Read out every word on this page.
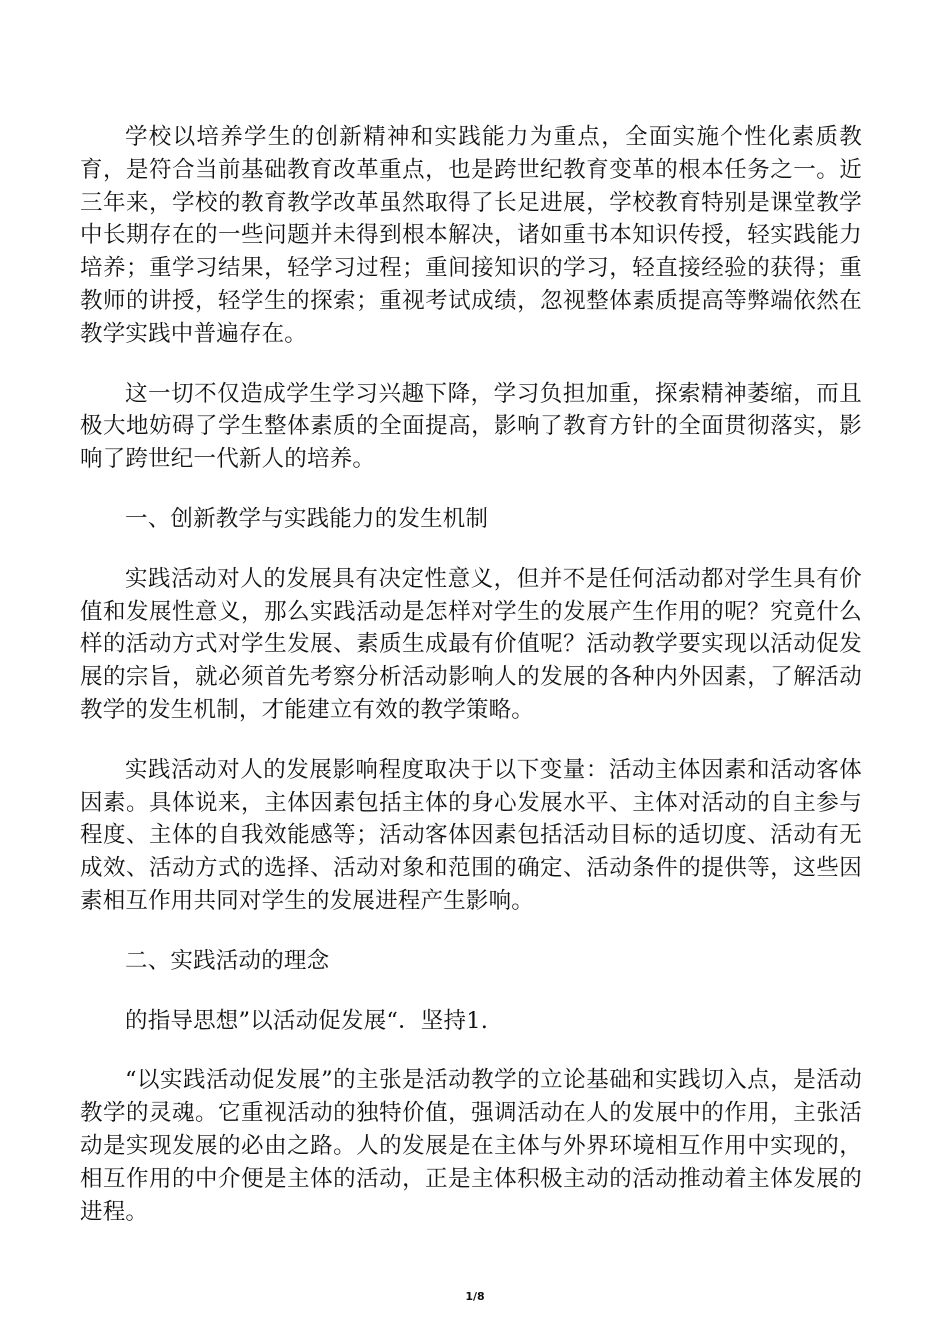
学校以培养学生的创新精神和实践能力为重点，全面实施个性化素质教育，是符合当前基础教育改革重点，也是跨世纪教育变革的根本任务之一。近三年来，学校的教育教学改革虽然取得了长足进展，学校教育特别是课堂教学中长期存在的一些问题并未得到根本解决，诸如重书本知识传授，轻实践能力培养；重学习结果，轻学习过程；重间接知识的学习，轻直接经验的获得；重教师的讲授，轻学生的探索；重视考试成绩，忽视整体素质提高等弊端依然在教学实践中普遍存在。

这一切不仅造成学生学习兴趣下降，学习负担加重，探索精神萎缩，而且极大地妨碍了学生整体素质的全面提高，影响了教育方针的全面贯彻落实，影响了跨世纪一代新人的培养。

一、创新教学与实践能力的发生机制

实践活动对人的发展具有决定性意义，但并不是任何活动都对学生具有价值和发展性意义，那么实践活动是怎样对学生的发展产生作用的呢？究竟什么样的活动方式对学生发展、素质生成最有价值呢？活动教学要实现以活动促发展的宗旨，就必须首先考察分析活动影响人的发展的各种内外因素，了解活动教学的发生机制，才能建立有效的教学策略。

实践活动对人的发展影响程度取决于以下变量：活动主体因素和活动客体因素。具体说来，主体因素包括主体的身心发展水平、主体对活动的自主参与程度、主体的自我效能感等；活动客体因素包括活动目标的适切度、活动有无成效、活动方式的选择、活动对象和范围的确定、活动条件的提供等，这些因素相互作用共同对学生的发展进程产生影响。

二、实践活动的理念

的指导思想”以活动促发展“．坚持1.

“以实践活动促发展”的主张是活动教学的立论基础和实践切入点，是活动教学的灵魂。它重视活动的独特价值，强调活动在人的发展中的作用，主张活动是实现发展的必由之路。人的发展是在主体与外界环境相互作用中实现的，相互作用的中介便是主体的活动，正是主体积极主动的活动推动着主体发展的进程。

1/8
